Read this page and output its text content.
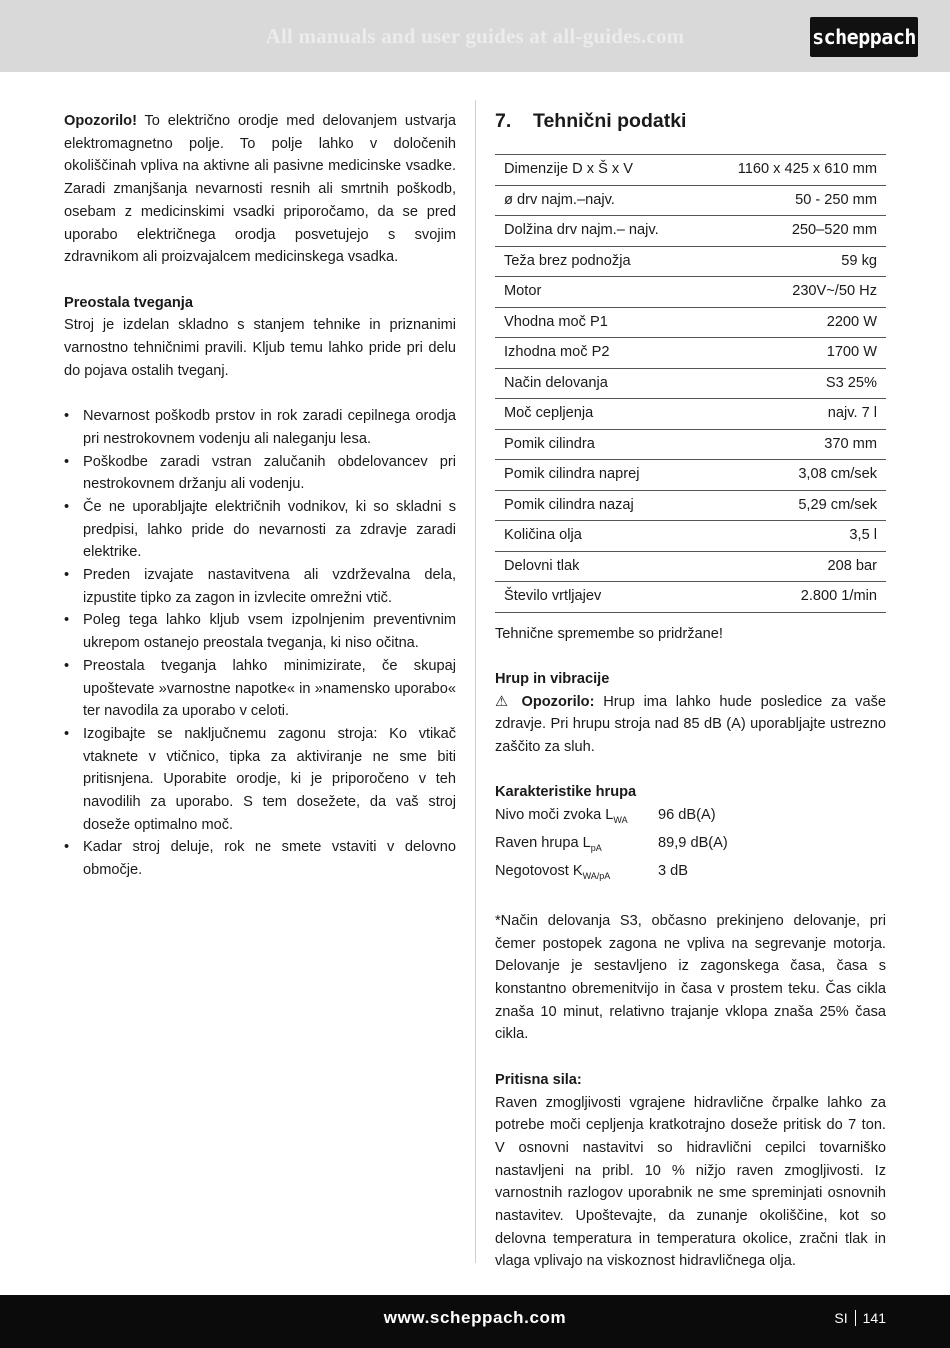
All manuals and user guides at all-guides.com	scheppach

Opozorilo! To električno orodje med delovanjem ustvarja elektromagnetno polje. To polje lahko v določenih okoliščinah vpliva na aktivne ali pasivne medicinske vsadke. Zaradi zmanjšanja nevarnosti resnih ali smrtnih poškodb, osebam z medicinskimi vsadki priporočamo, da se pred uporabo električnega orodja posvetujejo s svojim zdravnikom ali proizvajalcem medicinskega vsadka.

Preostala tveganja

Stroj je izdelan skladno s stanjem tehnike in priznanimi varnostno tehničnimi pravili. Kljub temu lahko pride pri delu do pojava ostalih tveganj.

• Nevarnost poškodb prstov in rok zaradi cepilnega orodja pri nestrokovnem vodenju ali naleganju lesa.
• Poškodbe zaradi vstran zalučanih obdelovancev pri nestrokovnem držanju ali vodenju.
• Če ne uporabljajte električnih vodnikov, ki so skladni s predpisi, lahko pride do nevarnosti za zdravje zaradi elektrike.
• Preden izvajate nastavitvena ali vzdrževalna dela, izpustite tipko za zagon in izvlecite omrežni vtič.
• Poleg tega lahko kljub vsem izpolnjenim preventivnim ukrepom ostanejo preostala tveganja, ki niso očitna.
• Preostala tveganja lahko minimizirate, če skupaj upoštevate »varnostne napotke« in »namensko uporabo« ter navodila za uporabo v celoti.
• Izogibajte se naključnemu zagonu stroja: Ko vtikač vtaknete v vtičnico, tipka za aktiviranje ne sme biti pritisnjena. Uporabite orodje, ki je priporočeno v teh navodilih za uporabo. S tem dosežete, da vaš stroj doseže optimalno moč.
• Kadar stroj deluje, rok ne smete vstaviti v delovno območje.
7.	Tehnični podatki
Dimenzije D x Š x V	1160 x 425 x 610 mm
ø drv najm.–najv.	50 - 250 mm
Dolžina drv najm.– najv.	250–520 mm
Teža brez podnožja	59 kg
Motor	230V~/50 Hz
Vhodna moč P1	2200 W
Izhodna moč P2	1700 W
Način delovanja	S3 25%
Moč cepljenja	najv. 7 l
Pomik cilindra	370 mm
Pomik cilindra naprej	3,08 cm/sek
Pomik cilindra nazaj	5,29 cm/sek
Količina olja	3,5 l
Delovni tlak	208 bar
Število vrtljajev	2.800 1/min

Tehnične spremembe so pridržane!

Hrup in vibracije

⚠ Opozorilo: Hrup ima lahko hude posledice za vaše zdravje. Pri hrupu stroja nad 85 dB (A) uporabljajte ustrezno zaščito za sluh.

Karakteristike hrupa

Nivo moči zvoka $L_{WA}$	96 dB(A)
Raven hrupa $L_{pA}$	89,9 dB(A)
Negotovost $K_{WA/pA}$	3 dB

*Način delovanja S3, občasno prekinjeno delovanje, pri čemer postopek zagona ne vpliva na segrevanje motorja. Delovanje je sestavljeno iz zagonskega časa, časa s konstantno obremenitvijo in časa v prostem teku. Čas cikla znaša 10 minut, relativno trajanje vklopa znaša 25% časa cikla.

Pritisna sila:

Raven zmogljivosti vgrajene hidravlične črpalke lahko za potrebe moči cepljenja kratkotrajno doseže pritisk do 7 ton. V osnovni nastavitvi so hidravlični cepilci tovarniško nastavljeni na pribl. 10 % nižjo raven zmogljivosti. Iz varnostnih razlogov uporabnik ne sme spreminjati osnovnih nastavitev. Upoštevajte, da zunanje okoliščine, kot so delovna temperatura in temperatura okolice, zračni tlak in vlaga vplivajo na viskoznost hidravličnega olja.

www.scheppach.com	SI 141
